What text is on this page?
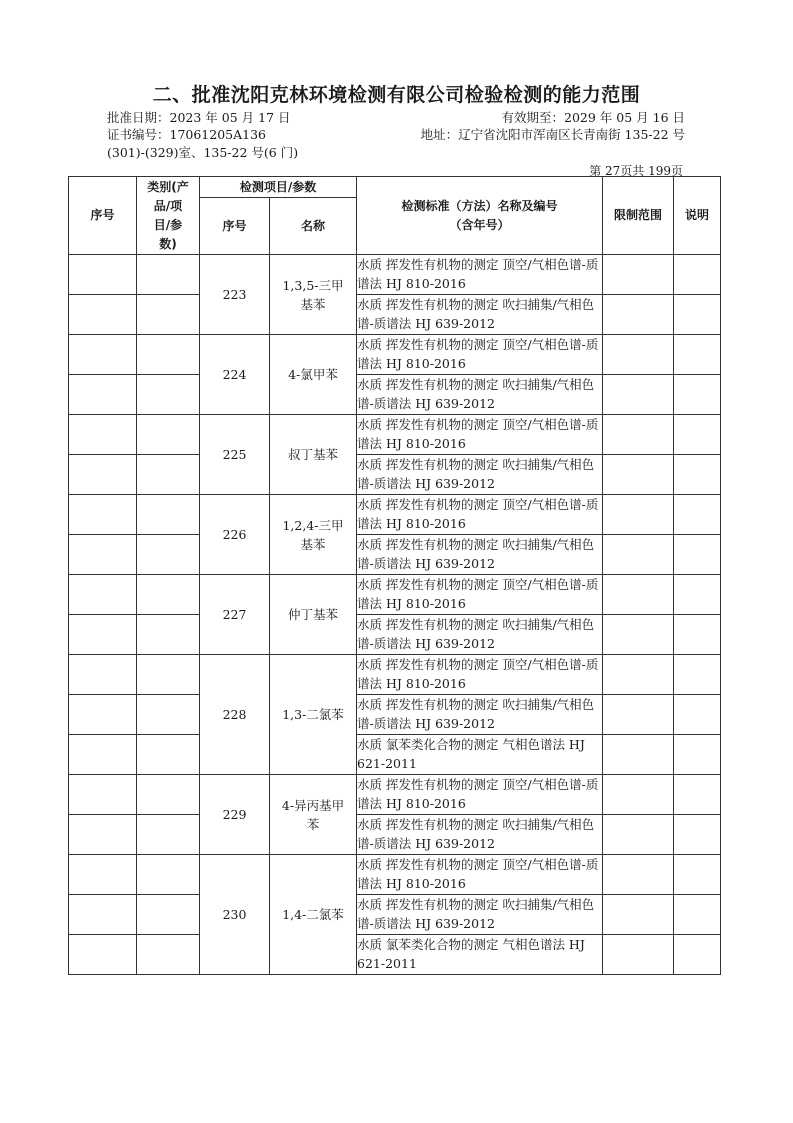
二、批准沈阳克林环境检测有限公司检验检测的能力范围
批准日期：2023 年 05 月 17 日	有效期至：2029 年 05 月 16 日
证书编号：17061205A136	地址：辽宁省沈阳市浑南区长青南街 135-22 号
(301)-(329)室、135-22 号(6 门)
第 27页共 199页
序号	类别(产品/项目/参数)	检测项目/参数		检测标准（方法）名称及编号（含年号）	限制范围	说明
		序号	名称			
		223	1,3,5-三甲基苯	水质 挥发性有机物的测定 顶空/气相色谱-质谱法 HJ 810-2016		
				水质 挥发性有机物的测定 吹扫捕集/气相色谱-质谱法 HJ 639-2012		
		224	4-氯甲苯	水质 挥发性有机物的测定 顶空/气相色谱-质谱法 HJ 810-2016		
				水质 挥发性有机物的测定 吹扫捕集/气相色谱-质谱法 HJ 639-2012		
		225	叔丁基苯	水质 挥发性有机物的测定 顶空/气相色谱-质谱法 HJ 810-2016		
				水质 挥发性有机物的测定 吹扫捕集/气相色谱-质谱法 HJ 639-2012		
		226	1,2,4-三甲基苯	水质 挥发性有机物的测定 顶空/气相色谱-质谱法 HJ 810-2016		
				水质 挥发性有机物的测定 吹扫捕集/气相色谱-质谱法 HJ 639-2012		
		227	仲丁基苯	水质 挥发性有机物的测定 顶空/气相色谱-质谱法 HJ 810-2016		
				水质 挥发性有机物的测定 吹扫捕集/气相色谱-质谱法 HJ 639-2012		
		228	1,3-二氯苯	水质 挥发性有机物的测定 顶空/气相色谱-质谱法 HJ 810-2016		
				水质 挥发性有机物的测定 吹扫捕集/气相色谱-质谱法 HJ 639-2012		
				水质 氯苯类化合物的测定 气相色谱法 HJ 621-2011		
		229	4-异丙基甲苯	水质 挥发性有机物的测定 顶空/气相色谱-质谱法 HJ 810-2016		
				水质 挥发性有机物的测定 吹扫捕集/气相色谱-质谱法 HJ 639-2012		
		230	1,4-二氯苯	水质 挥发性有机物的测定 顶空/气相色谱-质谱法 HJ 810-2016		
				水质 挥发性有机物的测定 吹扫捕集/气相色谱-质谱法 HJ 639-2012		
				水质 氯苯类化合物的测定 气相色谱法 HJ 621-2011		
